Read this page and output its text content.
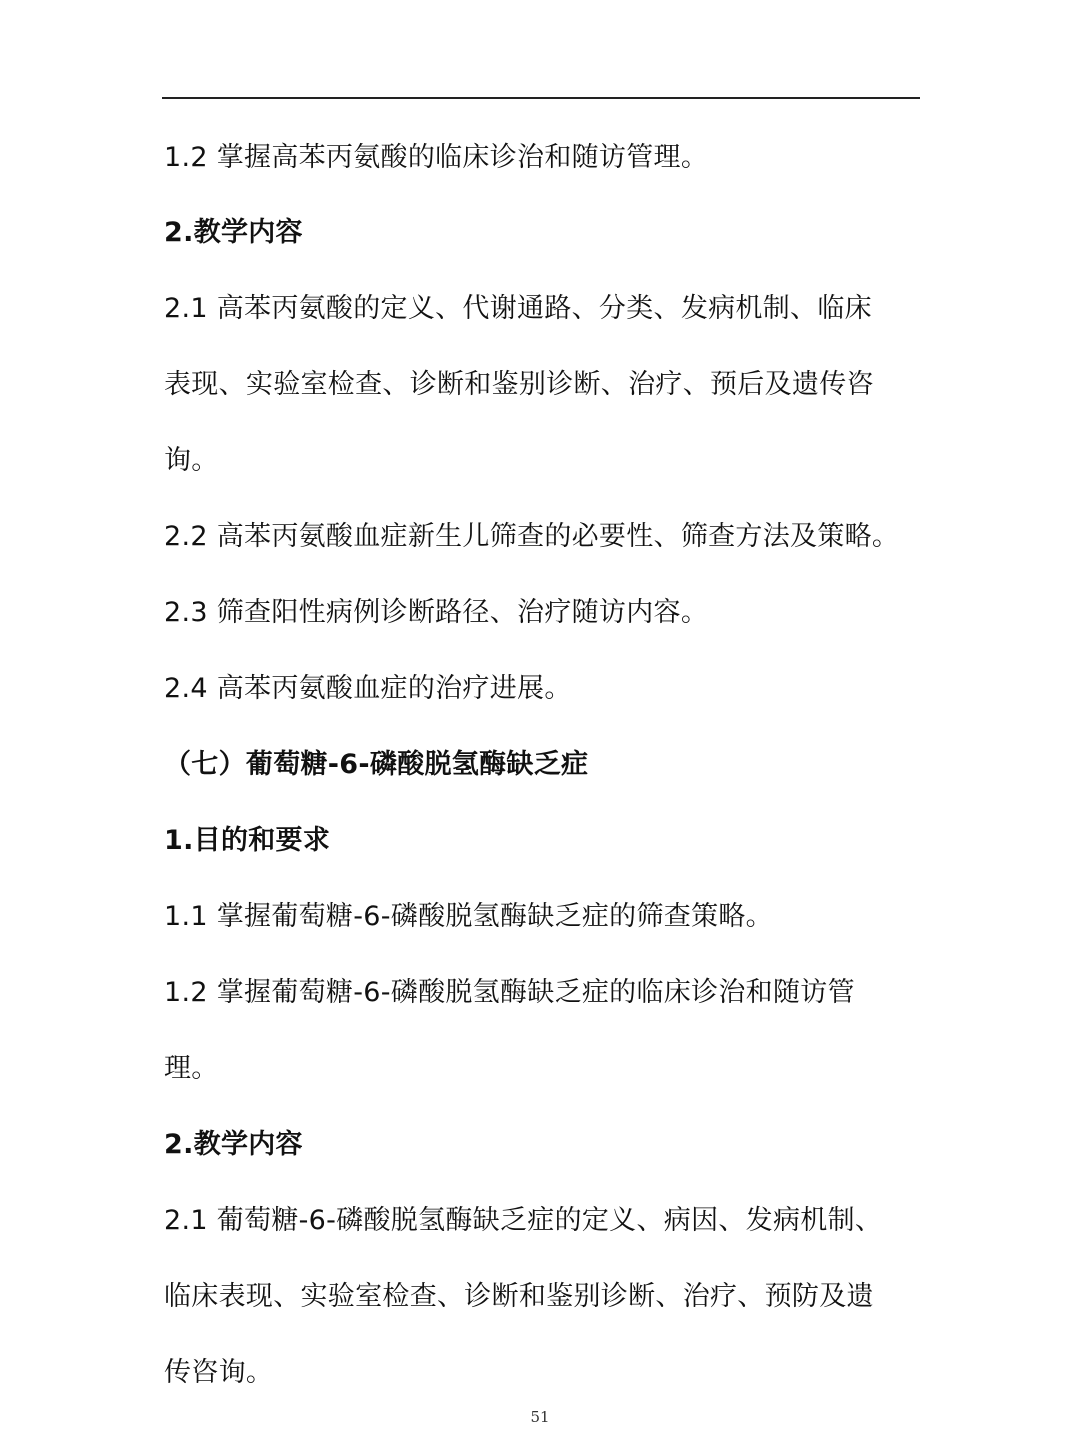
1.2 掌握高苯丙氨酸的临床诊治和随访管理。
2.教学内容
2.1 高苯丙氨酸的定义、代谢通路、分类、发病机制、临床
表现、实验室检查、诊断和鉴别诊断、治疗、预后及遗传咨
询。
2.2 高苯丙氨酸血症新生儿筛查的必要性、筛查方法及策略。
2.3 筛查阳性病例诊断路径、治疗随访内容。
2.4 高苯丙氨酸血症的治疗进展。
（七）葡萄糖-6-磷酸脱氢酶缺乏症
1.目的和要求
1.1 掌握葡萄糖-6-磷酸脱氢酶缺乏症的筛查策略。
1.2 掌握葡萄糖-6-磷酸脱氢酶缺乏症的临床诊治和随访管
理。
2.教学内容
2.1 葡萄糖-6-磷酸脱氢酶缺乏症的定义、病因、发病机制、
临床表现、实验室检查、诊断和鉴别诊断、治疗、预防及遗
传咨询。
51
